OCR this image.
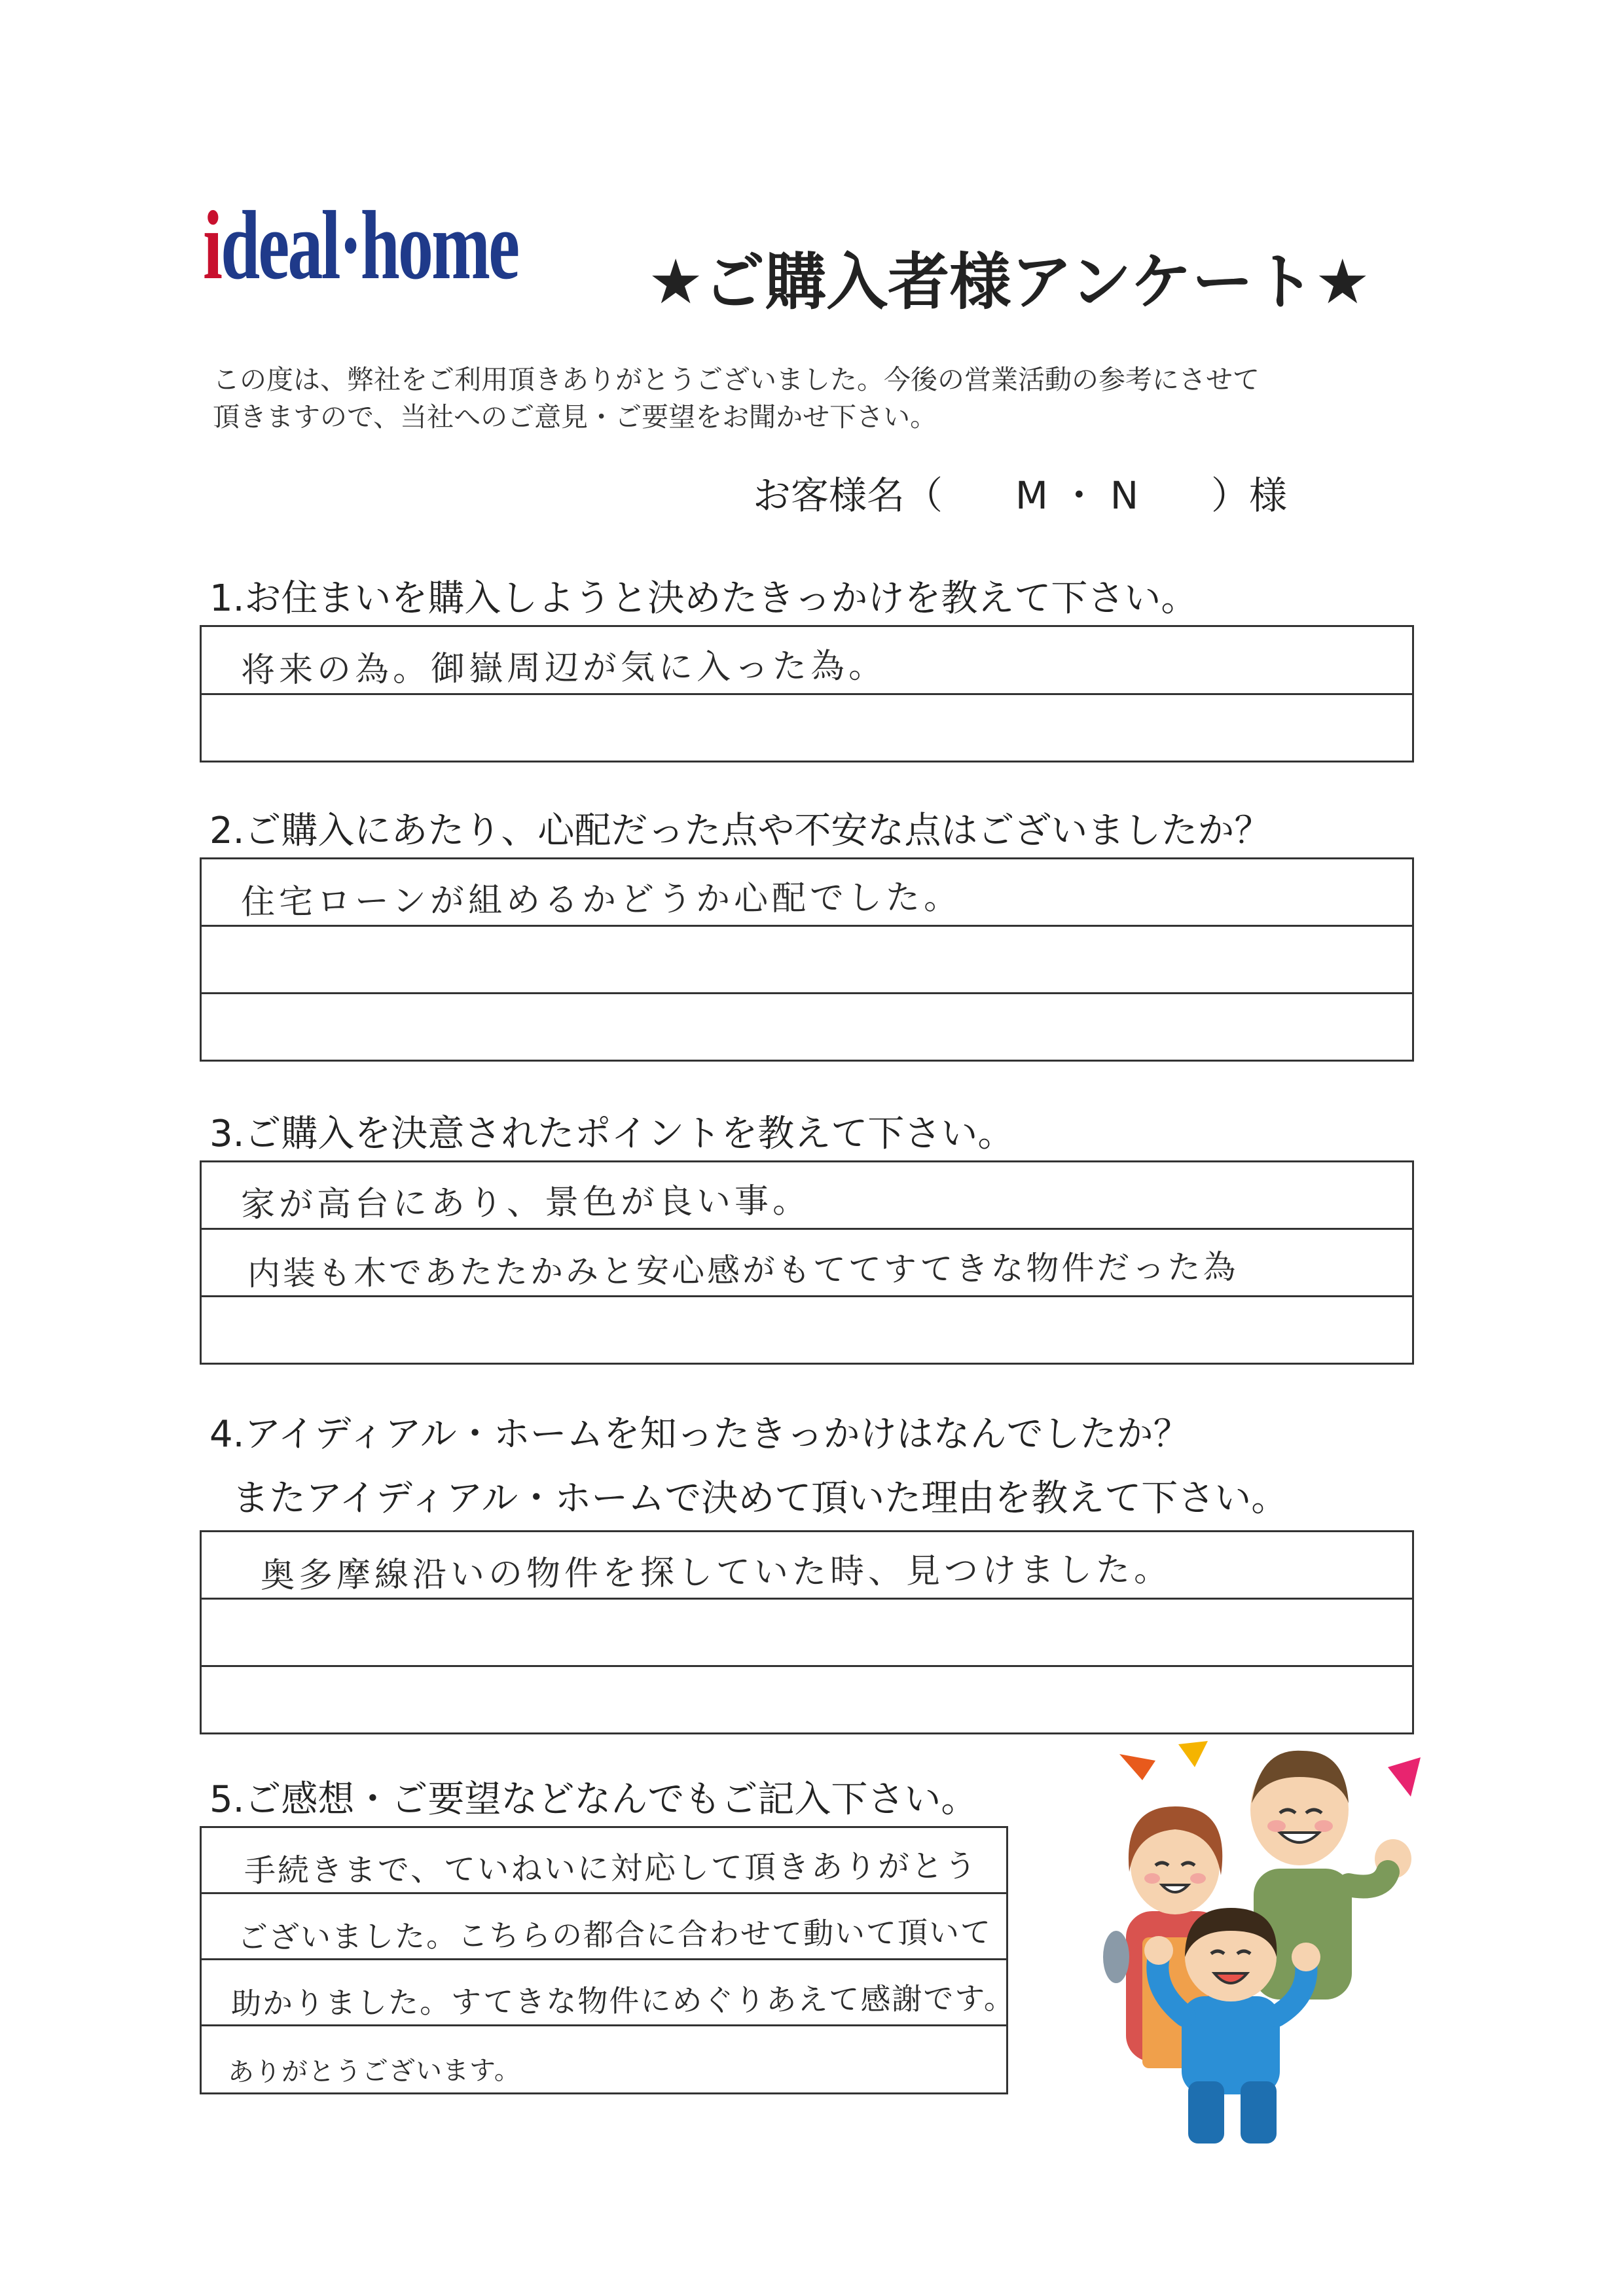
ideal·home	★ご購入者様アンケート★
この度は、弊社をご利用頂きありがとうございました。今後の営業活動の参考にさせて
頂きますので、当社へのご意見・ご要望をお聞かせ下さい。
お客様名（ M ・ N ）様
1.お住まいを購入しようと決めたきっかけを教えて下さい。
将来の為。御嶽周辺が気に入った為。
2.ご購入にあたり、心配だった点や不安な点はございましたか？
住宅ローンが組めるかどうか心配でした。
3.ご購入を決意されたポイントを教えて下さい。
家が高台にあり、景色が良い事。
内装も木であたたかみと安心感がもててすてきな物件だった為
4.アイディアル・ホームを知ったきっかけはなんでしたか？
またアイディアル・ホームで決めて頂いた理由を教えて下さい。
奥多摩線沿いの物件を探していた時、見つけました。
5.ご感想・ご要望などなんでもご記入下さい。
手続きまで、ていねいに対応して頂きありがとう
ございました。こちらの都合に合わせて動いて頂いて
助かりました。すてきな物件にめぐりあえて感謝です。
ありがとうございます。
